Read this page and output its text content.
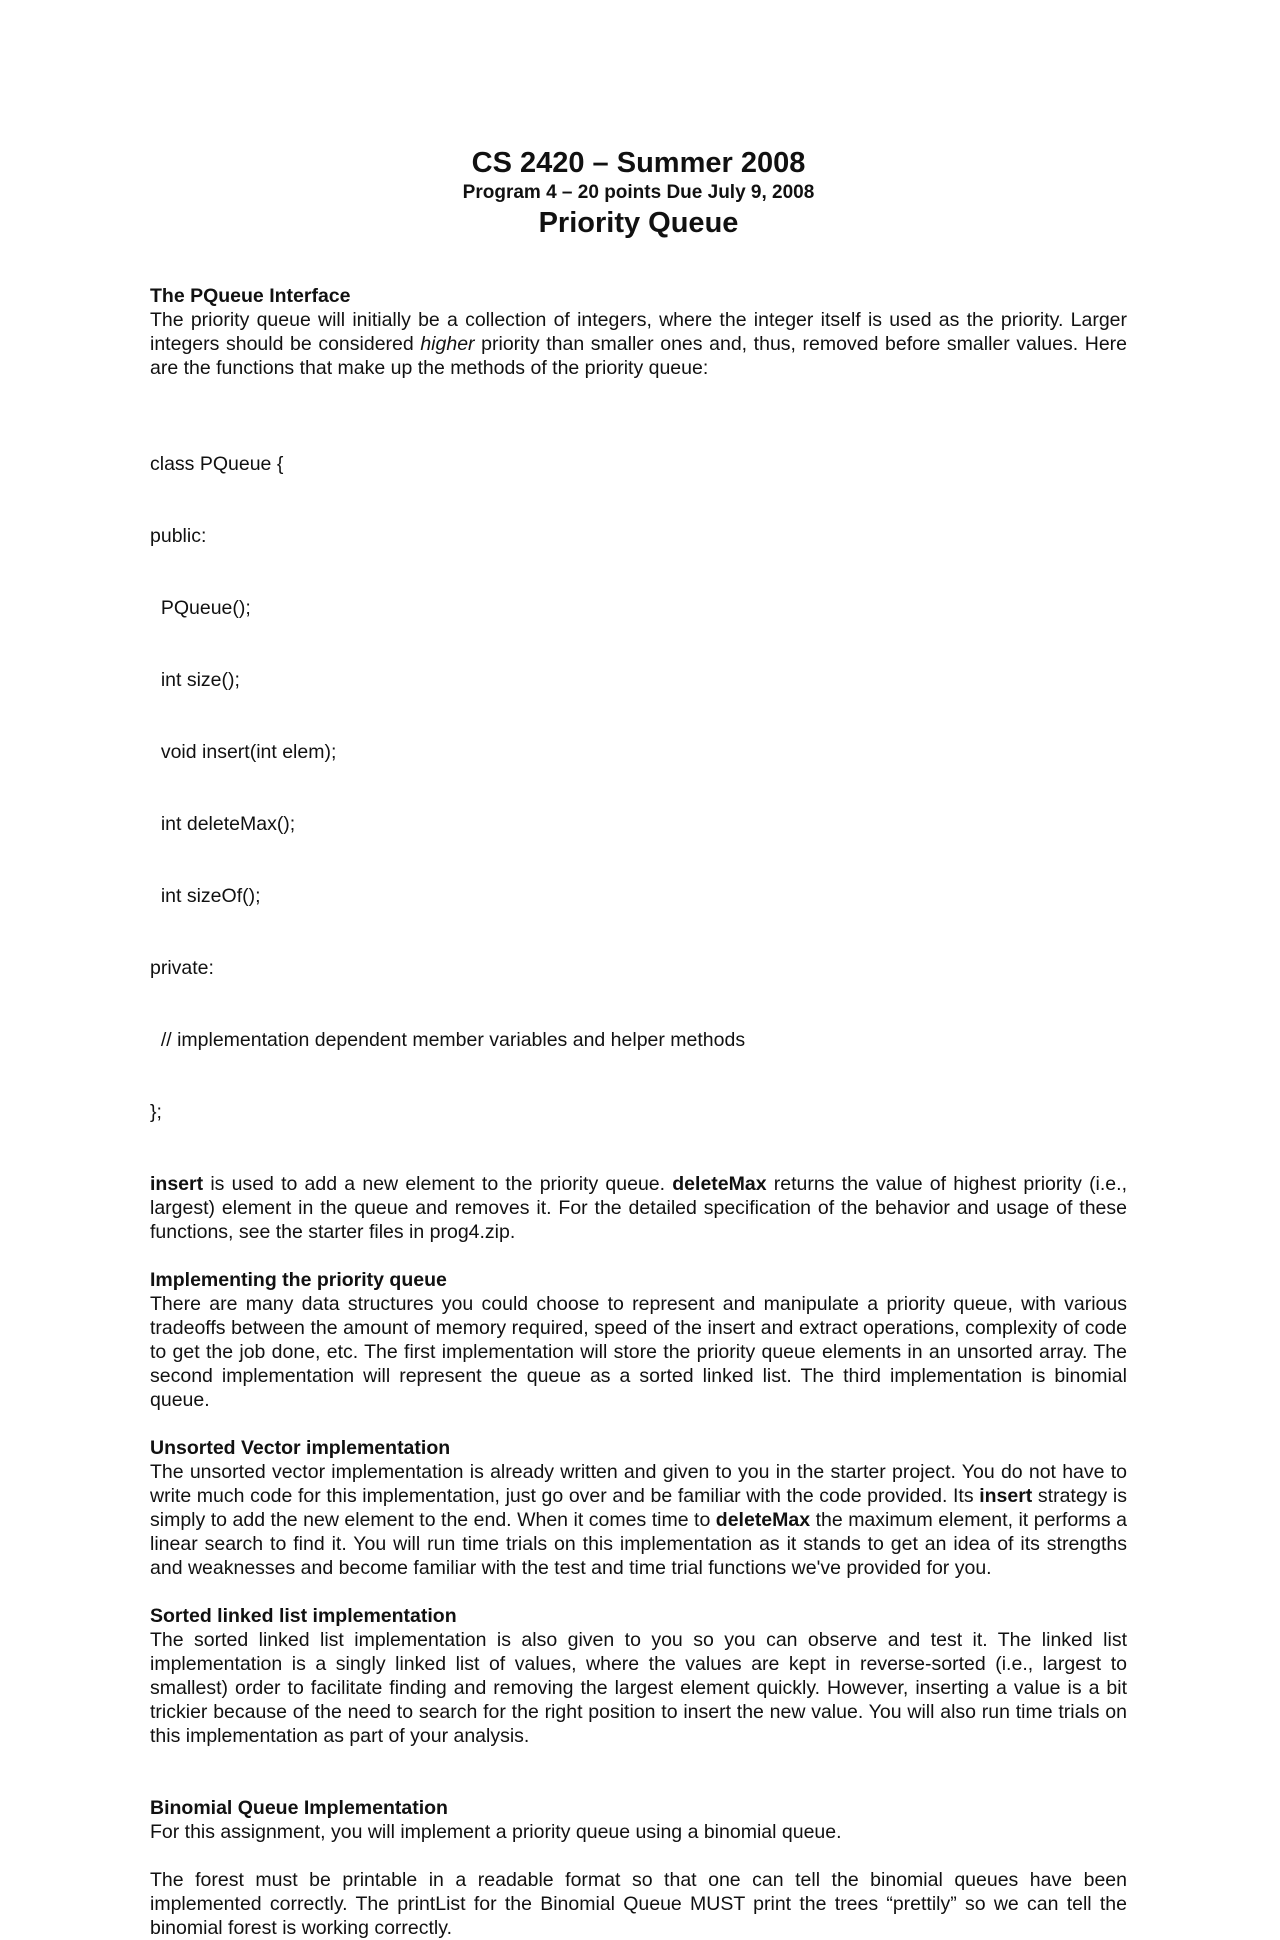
CS 2420 – Summer 2008

Program 4 – 20 points Due July 9, 2008

Priority Queue

The PQueue Interface

The priority queue will initially be a collection of integers, where the integer itself is used as the priority. Larger integers should be considered higher priority than smaller ones and, thus, removed before smaller values. Here are the functions that make up the methods of the priority queue:

class PQueue {

public:

PQueue();

int size();

void insert(int elem);

int deleteMax();

int sizeOf();

private:

// implementation dependent member variables and helper methods

};

insert is used to add a new element to the priority queue. deleteMax returns the value of highest priority (i.e., largest) element in the queue and removes it. For the detailed specification of the behavior and usage of these functions, see the starter files in prog4.zip.

Implementing the priority queue

There are many data structures you could choose to represent and manipulate a priority queue, with various tradeoffs between the amount of memory required, speed of the insert and extract operations, complexity of code to get the job done, etc. The first implementation will store the priority queue elements in an unsorted array. The second implementation will represent the queue as a sorted linked list. The third implementation is binomial queue.

Unsorted Vector implementation

The unsorted vector implementation is already written and given to you in the starter project. You do not have to write much code for this implementation, just go over and be familiar with the code provided. Its insert strategy is simply to add the new element to the end. When it comes time to deleteMax the maximum element, it performs a linear search to find it. You will run time trials on this implementation as it stands to get an idea of its strengths and weaknesses and become familiar with the test and time trial functions we've provided for you.

Sorted linked list implementation

The sorted linked list implementation is also given to you so you can observe and test it. The linked list implementation is a singly linked list of values, where the values are kept in reverse-sorted (i.e., largest to smallest) order to facilitate finding and removing the largest element quickly. However, inserting a value is a bit trickier because of the need to search for the right position to insert the new value. You will also run time trials on this implementation as part of your analysis.

Binomial Queue Implementation

For this assignment, you will implement a priority queue using a binomial queue.

The forest must be printable in a readable format so that one can tell the binomial queues have been implemented correctly. The printList for the Binomial Queue MUST print the trees “prettily” so we can tell the binomial forest is working correctly.
